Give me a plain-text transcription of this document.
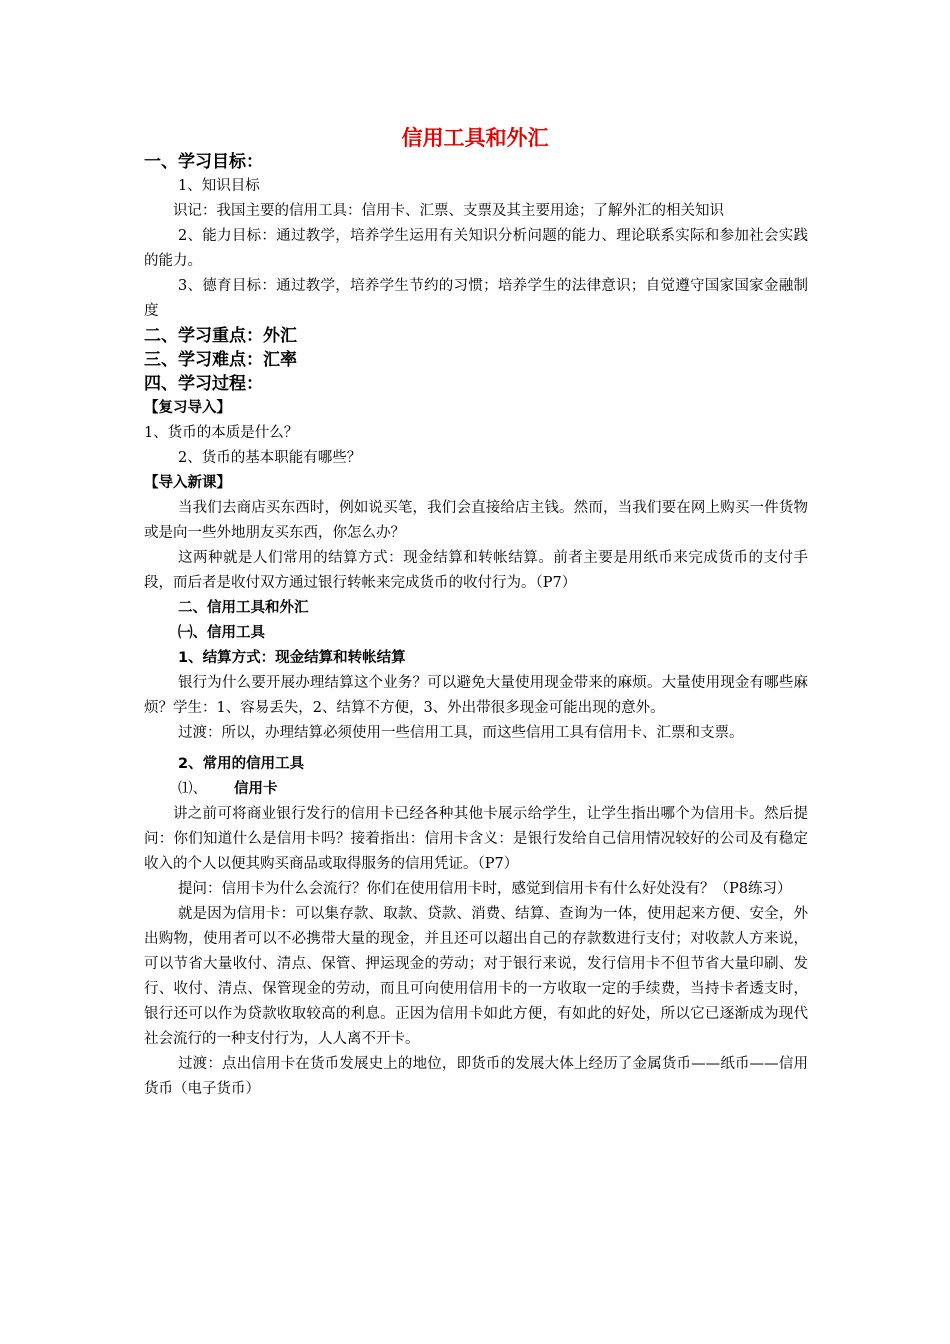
信用工具和外汇

一、学习目标：

1、知识目标

识记：我国主要的信用工具：信用卡、汇票、支票及其主要用途；了解外汇的相关知识

2、能力目标：通过教学，培养学生运用有关知识分析问题的能力、理论联系实际和参加社会实践的能力。

3、德育目标：通过教学，培养学生节约的习惯；培养学生的法律意识；自觉遵守国家国家金融制度

二、学习重点：外汇

三、学习难点：汇率

四、学习过程：

【复习导入】

1、货币的本质是什么？

2、货币的基本职能有哪些？

【导入新课】

当我们去商店买东西时，例如说买笔，我们会直接给店主钱。然而，当我们要在网上购买一件货物或是向一些外地朋友买东西，你怎么办？

这两种就是人们常用的结算方式：现金结算和转帐结算。前者主要是用纸币来完成货币的支付手段，而后者是收付双方通过银行转帐来完成货币的收付行为。（P7）

二、信用工具和外汇

㈠、信用工具

1、结算方式：现金结算和转帐结算

银行为什么要开展办理结算这个业务？可以避免大量使用现金带来的麻烦。大量使用现金有哪些麻烦？学生：1、容易丢失，2、结算不方便，3、外出带很多现金可能出现的意外。

过渡：所以，办理结算必须使用一些信用工具，而这些信用工具有信用卡、汇票和支票。

2、常用的信用工具

⑴、 信用卡

讲之前可将商业银行发行的信用卡已经各种其他卡展示给学生，让学生指出哪个为信用卡。然后提问：你们知道什么是信用卡吗？接着指出：信用卡含义：是银行发给自己信用情况较好的公司及有稳定收入的个人以便其购买商品或取得服务的信用凭证。（P7）

提问：信用卡为什么会流行？你们在使用信用卡时，感觉到信用卡有什么好处没有？（P8练习）

就是因为信用卡：可以集存款、取款、贷款、消费、结算、查询为一体，使用起来方便、安全，外出购物，使用者可以不必携带大量的现金，并且还可以超出自己的存款数进行支付；对收款人方来说，可以节省大量收付、清点、保管、押运现金的劳动；对于银行来说，发行信用卡不但节省大量印刷、发行、收付、清点、保管现金的劳动，而且可向使用信用卡的一方收取一定的手续费，当持卡者透支时，银行还可以作为贷款收取较高的利息。正因为信用卡如此方便，有如此的好处，所以它已逐渐成为现代社会流行的一种支付行为，人人离不开卡。

过渡：点出信用卡在货币发展史上的地位，即货币的发展大体上经历了金属货币——纸币——信用货币（电子货币）
